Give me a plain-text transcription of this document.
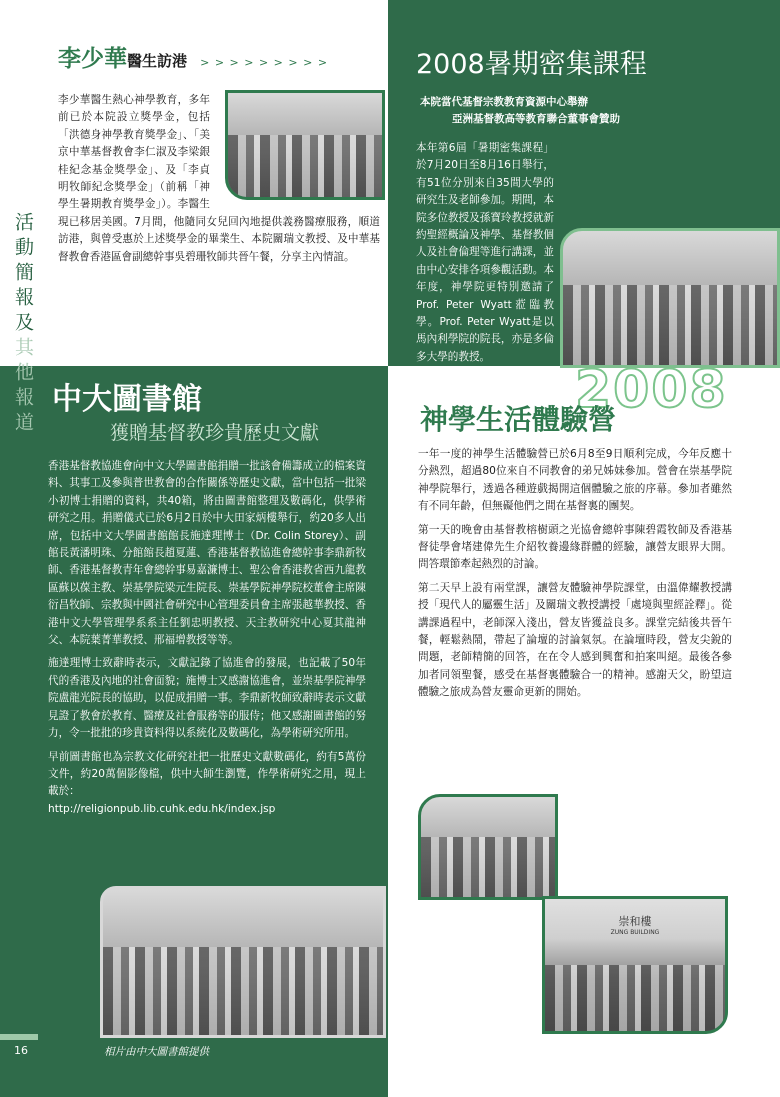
活動簡報及其他報道
李少華醫生訪港 > > > > > > > > >

李少華醫生熱心神學教育，多年前已於本院設立獎學金，包括「洪德身神學教育獎學金」、「美京中華基督教會李仁淑及李梁銀桂紀念基金獎學金」、及「李貞明牧師紀念獎學金」（前稱「神學生暑期教育獎學金」）。李醫生現已移居美國。7月間，他隨同女兒回內地提供義務醫療服務，順道訪港，與曾受惠於上述獎學金的畢業生、本院關瑞文教授、及中華基督教會香港區會副總幹事吳碧珊牧師共晉午餐，分享主內情誼。

2008暑期密集課程
本院當代基督宗教教育資源中心舉辦
亞洲基督教高等教育聯合董事會贊助

本年第6屆「暑期密集課程」於7月20日至8月16日舉行，有51位分別來自35間大學的研究生及老師參加。期間，本院多位教授及孫寶玲教授就新約聖經概論及神學、基督教個人及社會倫理等進行講課，並由中心安排各項參觀活動。本年度，神學院更特別邀請了Prof. Peter Wyatt蒞臨教學。Prof. Peter Wyatt是以馬內利學院的院長，亦是多倫多大學的教授。

中大圖書館
獲贈基督教珍貴歷史文獻

香港基督教協進會向中文大學圖書館捐贈一批該會備籌成立的檔案資料、其事工及參與普世教會的合作關係等歷史文獻，當中包括一批梁小初博士捐贈的資料，共40箱，將由圖書館整理及數碼化，供學術研究之用。捐贈儀式已於6月2日於中大田家炳樓舉行，約20多人出席，包括中文大學圖書館館長施達理博士（Dr. Colin Storey）、副館長黃潘明珠、分館館長趙夏蓮、香港基督教協進會總幹事李鼎新牧師、香港基督教青年會總幹事易嘉濂博士、聖公會香港教省西九龍教區蘇以葆主教、崇基學院梁元生院長、崇基學院神學院校董會主席陳衍昌牧師、宗教與中國社會研究中心管理委員會主席張越華教授、香港中文大學管理學系系主任劉忠明教授、天主教研究中心夏其龍神父、本院葉菁華教授、邢福增教授等等。

施達理博士致辭時表示，文獻記錄了協進會的發展，也記載了50年代的香港及內地的社會面貌；施博士又感謝協進會，並崇基學院神學院盧龍光院長的協助，以促成捐贈一事。李鼎新牧師致辭時表示文獻見證了教會於教育、醫療及社會服務等的服侍；他又感謝圖書館的努力，令一批批的珍貴資料得以系統化及數碼化，為學術研究所用。

早前圖書館也為宗教文化研究社把一批歷史文獻數碼化，約有5萬份文件，約20萬個影像檔，供中大師生瀏覽，作學術研究之用，現上載於：

http://religionpub.lib.cuhk.edu.hk/index.jsp
相片由中大圖書館提供
16
2008
神學生活體驗營

一年一度的神學生活體驗營已於6月8至9日順利完成，今年反應十分熱烈，超過80位來自不同教會的弟兄姊妹參加。營會在崇基學院神學院舉行，透過各種遊戲揭開這個體驗之旅的序幕。參加者雖然有不同年齡，但無礙他們之間在基督裏的團契。

第一天的晚會由基督教榕樹頭之光協會總幹事陳碧霞牧師及香港基督徒學會堵建偉先生介紹牧養邊緣群體的經驗，讓營友眼界大開。問答環節牽起熱烈的討論。

第二天早上設有兩堂課，讓營友體驗神學院課堂，由溫偉耀教授講授「現代人的屬靈生活」及關瑞文教授講授「處境與聖經詮釋」。從講課過程中，老師深入淺出，營友皆獲益良多。課堂完結後共晉午餐，輕鬆熱鬧，帶起了論壇的討論氣氛。在論壇時段，營友尖銳的問題，老師精簡的回答，在在令人感到興奮和拍案叫絕。最後各參加者同領聖餐，感受在基督裏體驗合一的精神。感謝天父，盼望這體驗之旅成為營友靈命更新的開始。

崇和樓
ZUNG BUILDING
